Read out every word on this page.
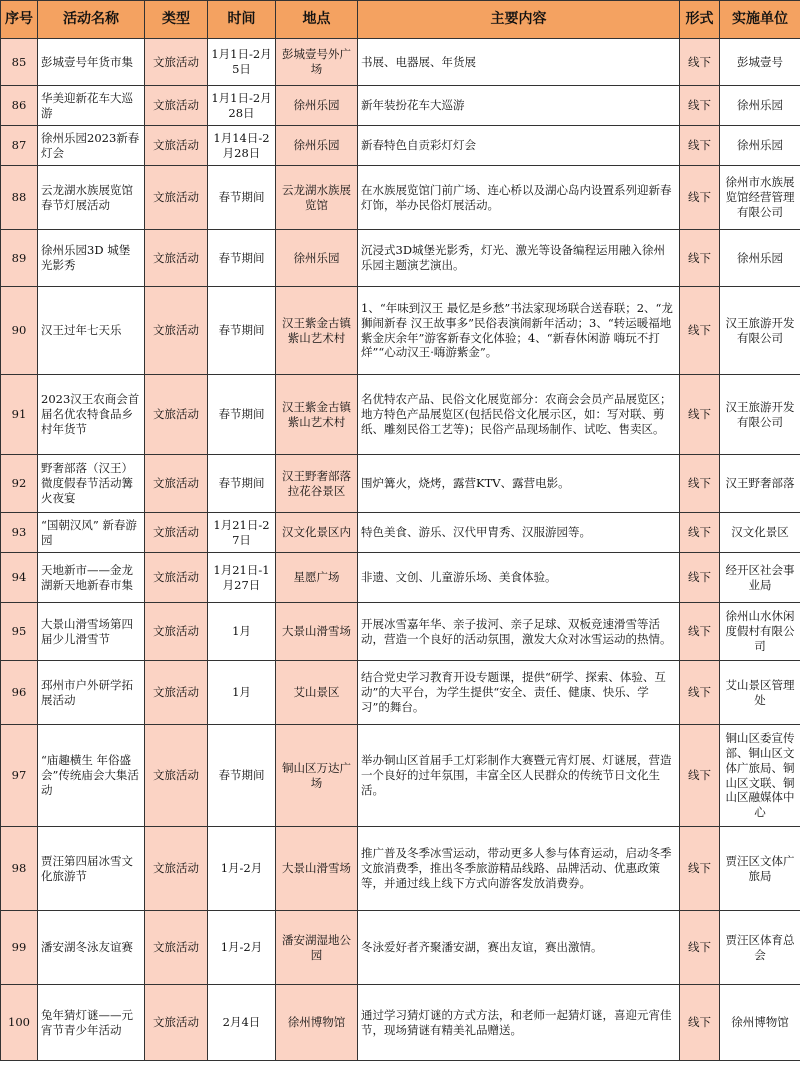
序号	活动名称	类型	时间	地点	主要内容	形式	实施单位
85	彭城壹号年货市集	文旅活动	1月1日-2月5日	彭城壹号外广场	书展、电器展、年货展	线下	彭城壹号
86	华美迎新花车大巡游	文旅活动	1月1日-2月28日	徐州乐园	新年装扮花车大巡游	线下	徐州乐园
87	徐州乐园2023新春灯会	文旅活动	1月14日-2月28日	徐州乐园	新春特色自贡彩灯灯会	线下	徐州乐园
88	云龙湖水族展览馆春节灯展活动	文旅活动	春节期间	云龙湖水族展览馆	在水族展览馆门前广场、连心桥以及湖心岛内设置系列迎新春灯饰，举办民俗灯展活动。	线下	徐州市水族展览馆经营管理有限公司
89	徐州乐园3D 城堡光影秀	文旅活动	春节期间	徐州乐园	沉浸式3D城堡光影秀，灯光、激光等设备编程运用融入徐州乐园主题演艺演出。	线下	徐州乐园
90	汉王过年七天乐	文旅活动	春节期间	汉王紫金古镇紫山艺术村	1、“年味到汉王 最忆是乡愁”书法家现场联合送春联；2、“龙狮闹新春 汉王故事多”民俗表演闹新年活动；3、“转运暖福地 紫金庆余年”游客新春文化体验；4、“新春休闲游 嗨玩不打烊”“心动汉王·嗨游紫金”。	线下	汉王旅游开发有限公司
91	2023汉王农商会首届名优农特食品乡村年货节	文旅活动	春节期间	汉王紫金古镇紫山艺术村	名优特农产品、民俗文化展览部分：农商会会员产品展览区；地方特色产品展览区(包括民俗文化展示区，如：写对联、剪纸、雕刻民俗工艺等)；民俗产品现场制作、试吃、售卖区。	线下	汉王旅游开发有限公司
92	野奢部落（汉王）微度假春节活动篝火夜宴	文旅活动	春节期间	汉王野奢部落拉花谷景区	围炉篝火，烧烤，露营KTV、露营电影。	线下	汉王野奢部落
93	“国朝汉风” 新春游园	文旅活动	1月21日-27日	汉文化景区内	特色美食、游乐、汉代甲胄秀、汉服游园等。	线下	汉文化景区
94	天地新市——金龙湖新天地新春市集	文旅活动	1月21日-1月27日	星愿广场	非遗、文创、儿童游乐场、美食体验。	线下	经开区社会事业局
95	大景山滑雪场第四届少儿滑雪节	文旅活动	1月	大景山滑雪场	开展冰雪嘉年华、亲子拔河、亲子足球、双板竞速滑雪等活动，营造一个良好的活动氛围，激发大众对冰雪运动的热情。	线下	徐州山水休闲度假村有限公司
96	邳州市户外研学拓展活动	文旅活动	1月	艾山景区	结合党史学习教育开设专题课，提供“研学、探索、体验、互动”的大平台，为学生提供“安全、责任、健康、快乐、学习”的舞台。	线下	艾山景区管理处
97	“庙趣横生 年俗盛会”传统庙会大集活动	文旅活动	春节期间	铜山区万达广场	举办铜山区首届手工灯彩制作大赛暨元宵灯展、灯谜展，营造一个良好的过年氛围，丰富全区人民群众的传统节日文化生活。	线下	铜山区委宣传部、铜山区文体广旅局、铜山区文联、铜山区融媒体中心
98	贾汪第四届冰雪文化旅游节	文旅活动	1月-2月	大景山滑雪场	推广普及冬季冰雪运动，带动更多人参与体育运动，启动冬季文旅消费季，推出冬季旅游精品线路、品牌活动、优惠政策等，并通过线上线下方式向游客发放消费券。	线下	贾汪区文体广旅局
99	潘安湖冬泳友谊赛	文旅活动	1月-2月	潘安湖湿地公园	冬泳爱好者齐聚潘安湖，赛出友谊，赛出激情。	线下	贾汪区体育总会
100	兔年猜灯谜——元宵节青少年活动	文旅活动	2月4日	徐州博物馆	通过学习猜灯谜的方式方法，和老师一起猜灯谜，喜迎元宵佳节，现场猜谜有精美礼品赠送。	线下	徐州博物馆
